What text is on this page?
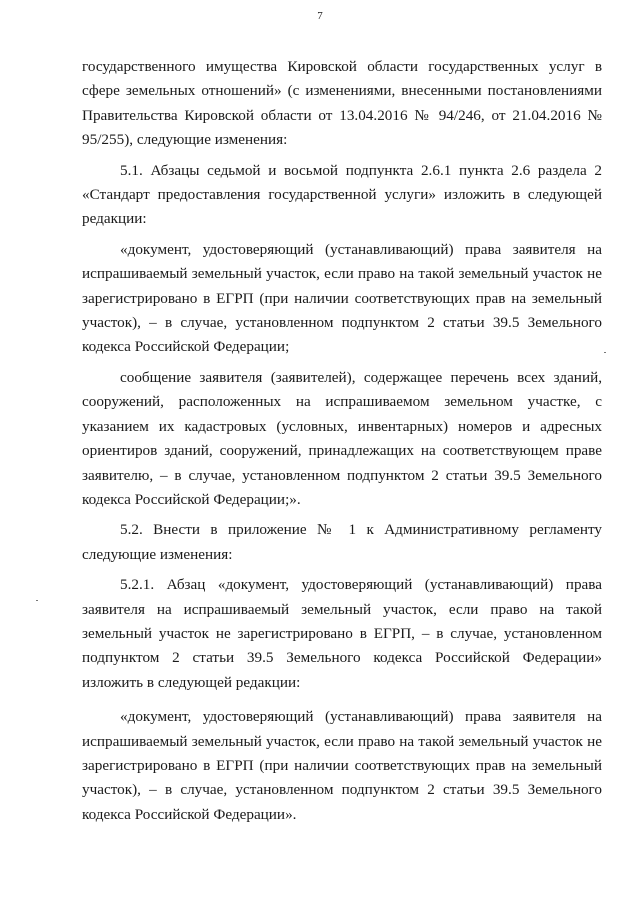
7

государственного имущества Кировской области государственных услуг в сфере земельных отношений» (с изменениями, внесенными постановлениями Правительства Кировской области от 13.04.2016 № 94/246, от 21.04.2016 № 95/255), следующие изменения:

5.1. Абзацы седьмой и восьмой подпункта 2.6.1 пункта 2.6 раздела 2 «Стандарт предоставления государственной услуги» изложить в следующей редакции:

«документ, удостоверяющий (устанавливающий) права заявителя на испрашиваемый земельный участок, если право на такой земельный участок не зарегистрировано в ЕГРП (при наличии соответствующих прав на земельный участок), – в случае, установленном подпунктом 2 статьи 39.5 Земельного кодекса Российской Федерации;

сообщение заявителя (заявителей), содержащее перечень всех зданий, сооружений, расположенных на испрашиваемом земельном участке, с указанием их кадастровых (условных, инвентарных) номеров и адресных ориентиров зданий, сооружений, принадлежащих на соответствующем праве заявителю, – в случае, установленном подпунктом 2 статьи 39.5 Земельного кодекса Российской Федерации;».

5.2. Внести в приложение № 1 к Административному регламенту следующие изменения:

5.2.1. Абзац «документ, удостоверяющий (устанавливающий) права заявителя на испрашиваемый земельный участок, если право на такой земельный участок не зарегистрировано в ЕГРП, – в случае, установленном подпунктом 2 статьи 39.5 Земельного кодекса Российской Федерации» изложить в следующей редакции:

«документ, удостоверяющий (устанавливающий) права заявителя на испрашиваемый земельный участок, если право на такой земельный участок не зарегистрировано в ЕГРП (при наличии соответствующих прав на земельный участок), – в случае, установленном подпунктом 2 статьи 39.5 Земельного кодекса Российской Федерации».
